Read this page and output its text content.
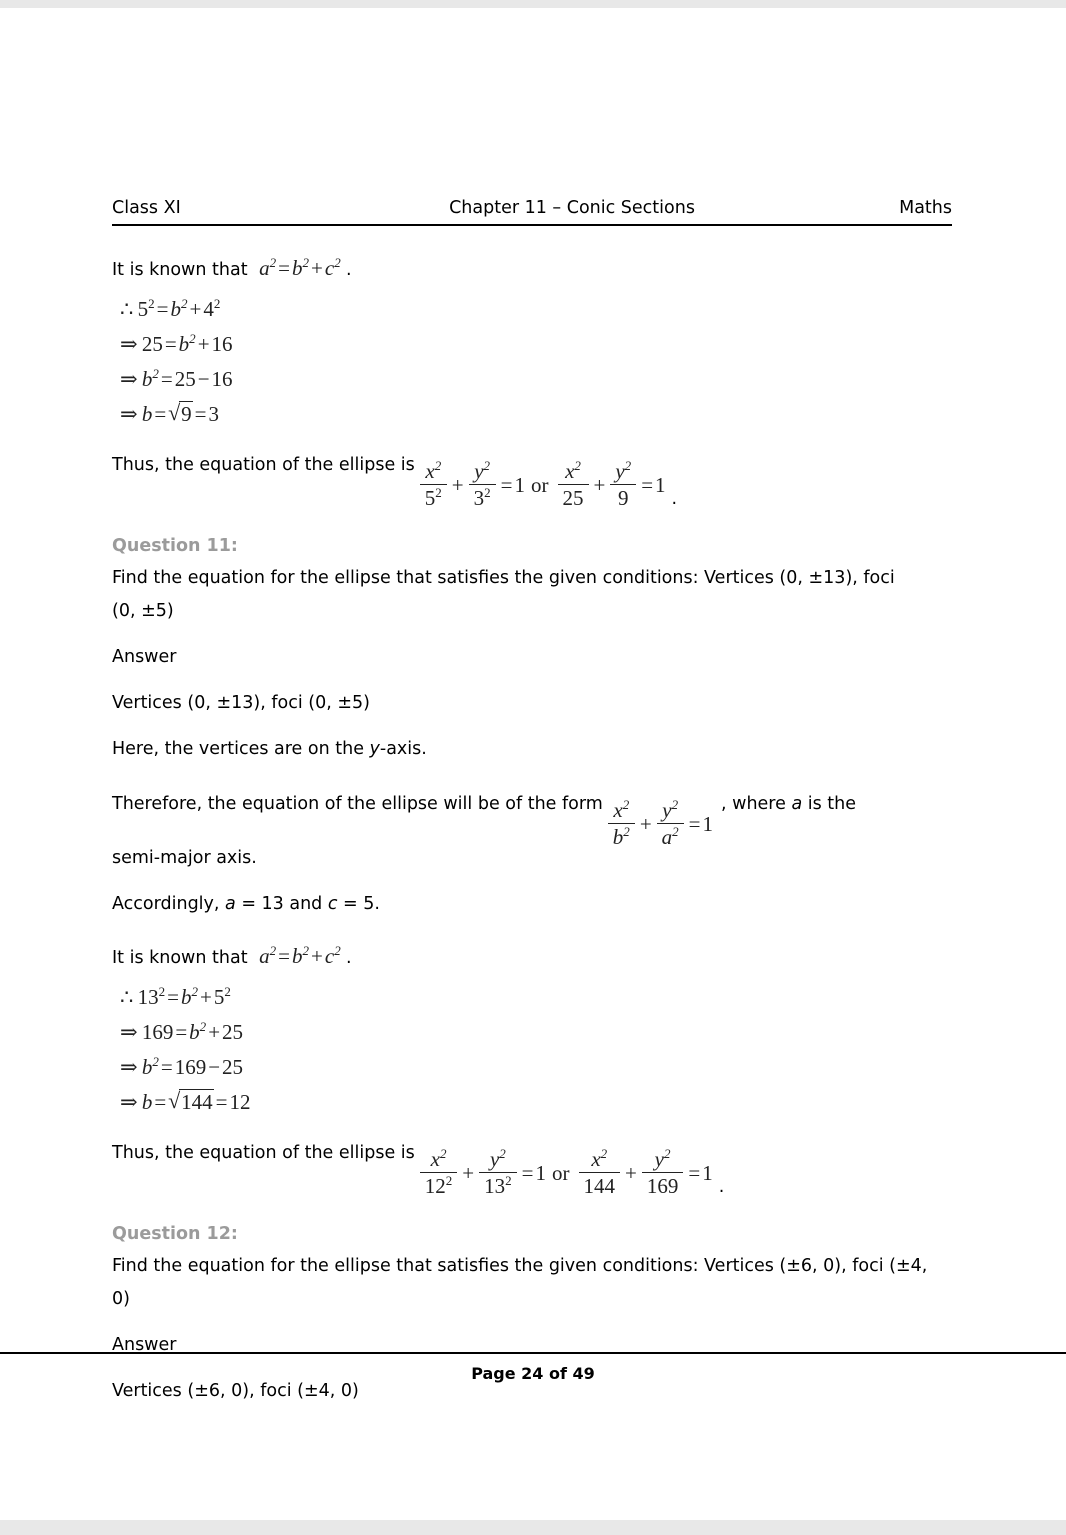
Class XI	Chapter 11 – Conic Sections	Maths
It is known that $a^2=b^2+c^2$ .
∴  $5^2=b^2+4^2$
⇒  $25=b^2+16$
⇒  $b^2=25-16$
⇒  b= √ 9 =3
Thus, the equation of the ellipse is $\frac{x^2}{5^2} + \frac{y^2}{3^2} = 1$ or $\frac{x^2}{25} + \frac{y^2}{9} = 1$
.
Question 11:
Find the equation for the ellipse that satisfies the given conditions: Vertices (0, ±13), foci (0, ±5)
Answer
Vertices (0, ±13), foci (0, ±5)
Here, the vertices are on the y-axis.
Therefore, the equation of the ellipse will be of the form $\frac{x^2}{b^2} + \frac{y^2}{a^2} = 1$
, where a is the
semi-major axis.
Accordingly, a = 13 and c = 5.
It is known that $a^2=b^2+c^2$ .
∴  $13^2=b^2+5^2$
⇒  $169=b^2+25$
⇒  $b^2=169-25$
⇒  b= √ 144 =12
Thus, the equation of the ellipse is $\frac{x^2}{12^2} + \frac{y^2}{13^2} = 1$ or $\frac{x^2}{144} + \frac{y^2}{169} = 1$
.
Question 12:
Find the equation for the ellipse that satisfies the given conditions: Vertices (±6, 0), foci (±4, 0)
Answer
Vertices (±6, 0), foci (±4, 0)
Page 24 of 49
